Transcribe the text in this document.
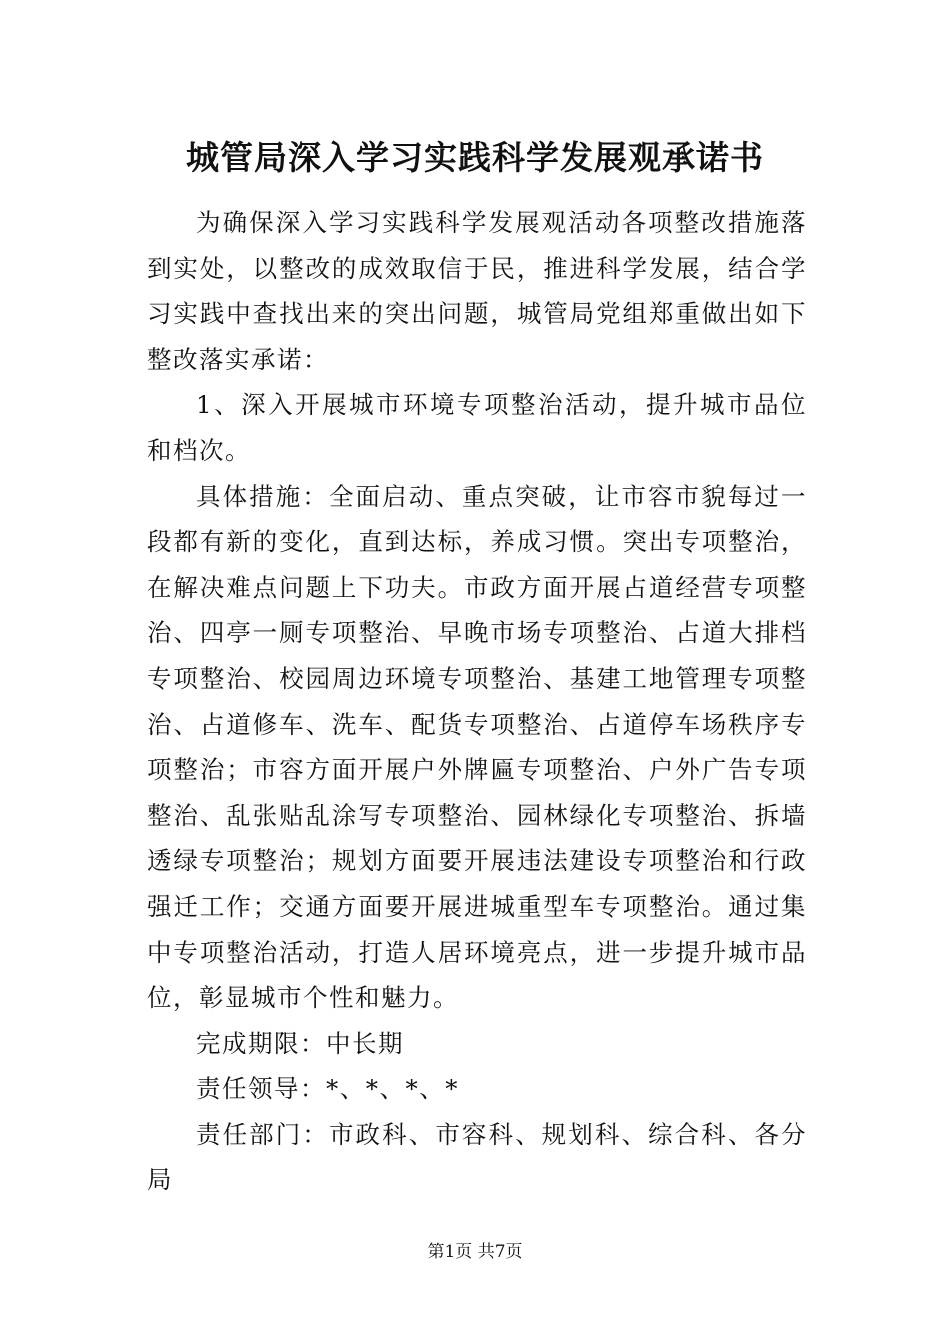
城管局深入学习实践科学发展观承诺书

为确保深入学习实践科学发展观活动各项整改措施落到实处，以整改的成效取信于民，推进科学发展，结合学习实践中查找出来的突出问题，城管局党组郑重做出如下整改落实承诺：

1、深入开展城市环境专项整治活动，提升城市品位和档次。

具体措施：全面启动、重点突破，让市容市貌每过一段都有新的变化，直到达标，养成习惯。突出专项整治，在解决难点问题上下功夫。市政方面开展占道经营专项整治、四亭一厕专项整治、早晚市场专项整治、占道大排档专项整治、校园周边环境专项整治、基建工地管理专项整治、占道修车、洗车、配货专项整治、占道停车场秩序专项整治；市容方面开展户外牌匾专项整治、户外广告专项整治、乱张贴乱涂写专项整治、园林绿化专项整治、拆墙透绿专项整治；规划方面要开展违法建设专项整治和行政强迁工作；交通方面要开展进城重型车专项整治。通过集中专项整治活动，打造人居环境亮点，进一步提升城市品位，彰显城市个性和魅力。

完成期限：中长期

责任领导：*、*、*、*

责任部门：市政科、市容科、规划科、综合科、各分局

第1页 共7页
